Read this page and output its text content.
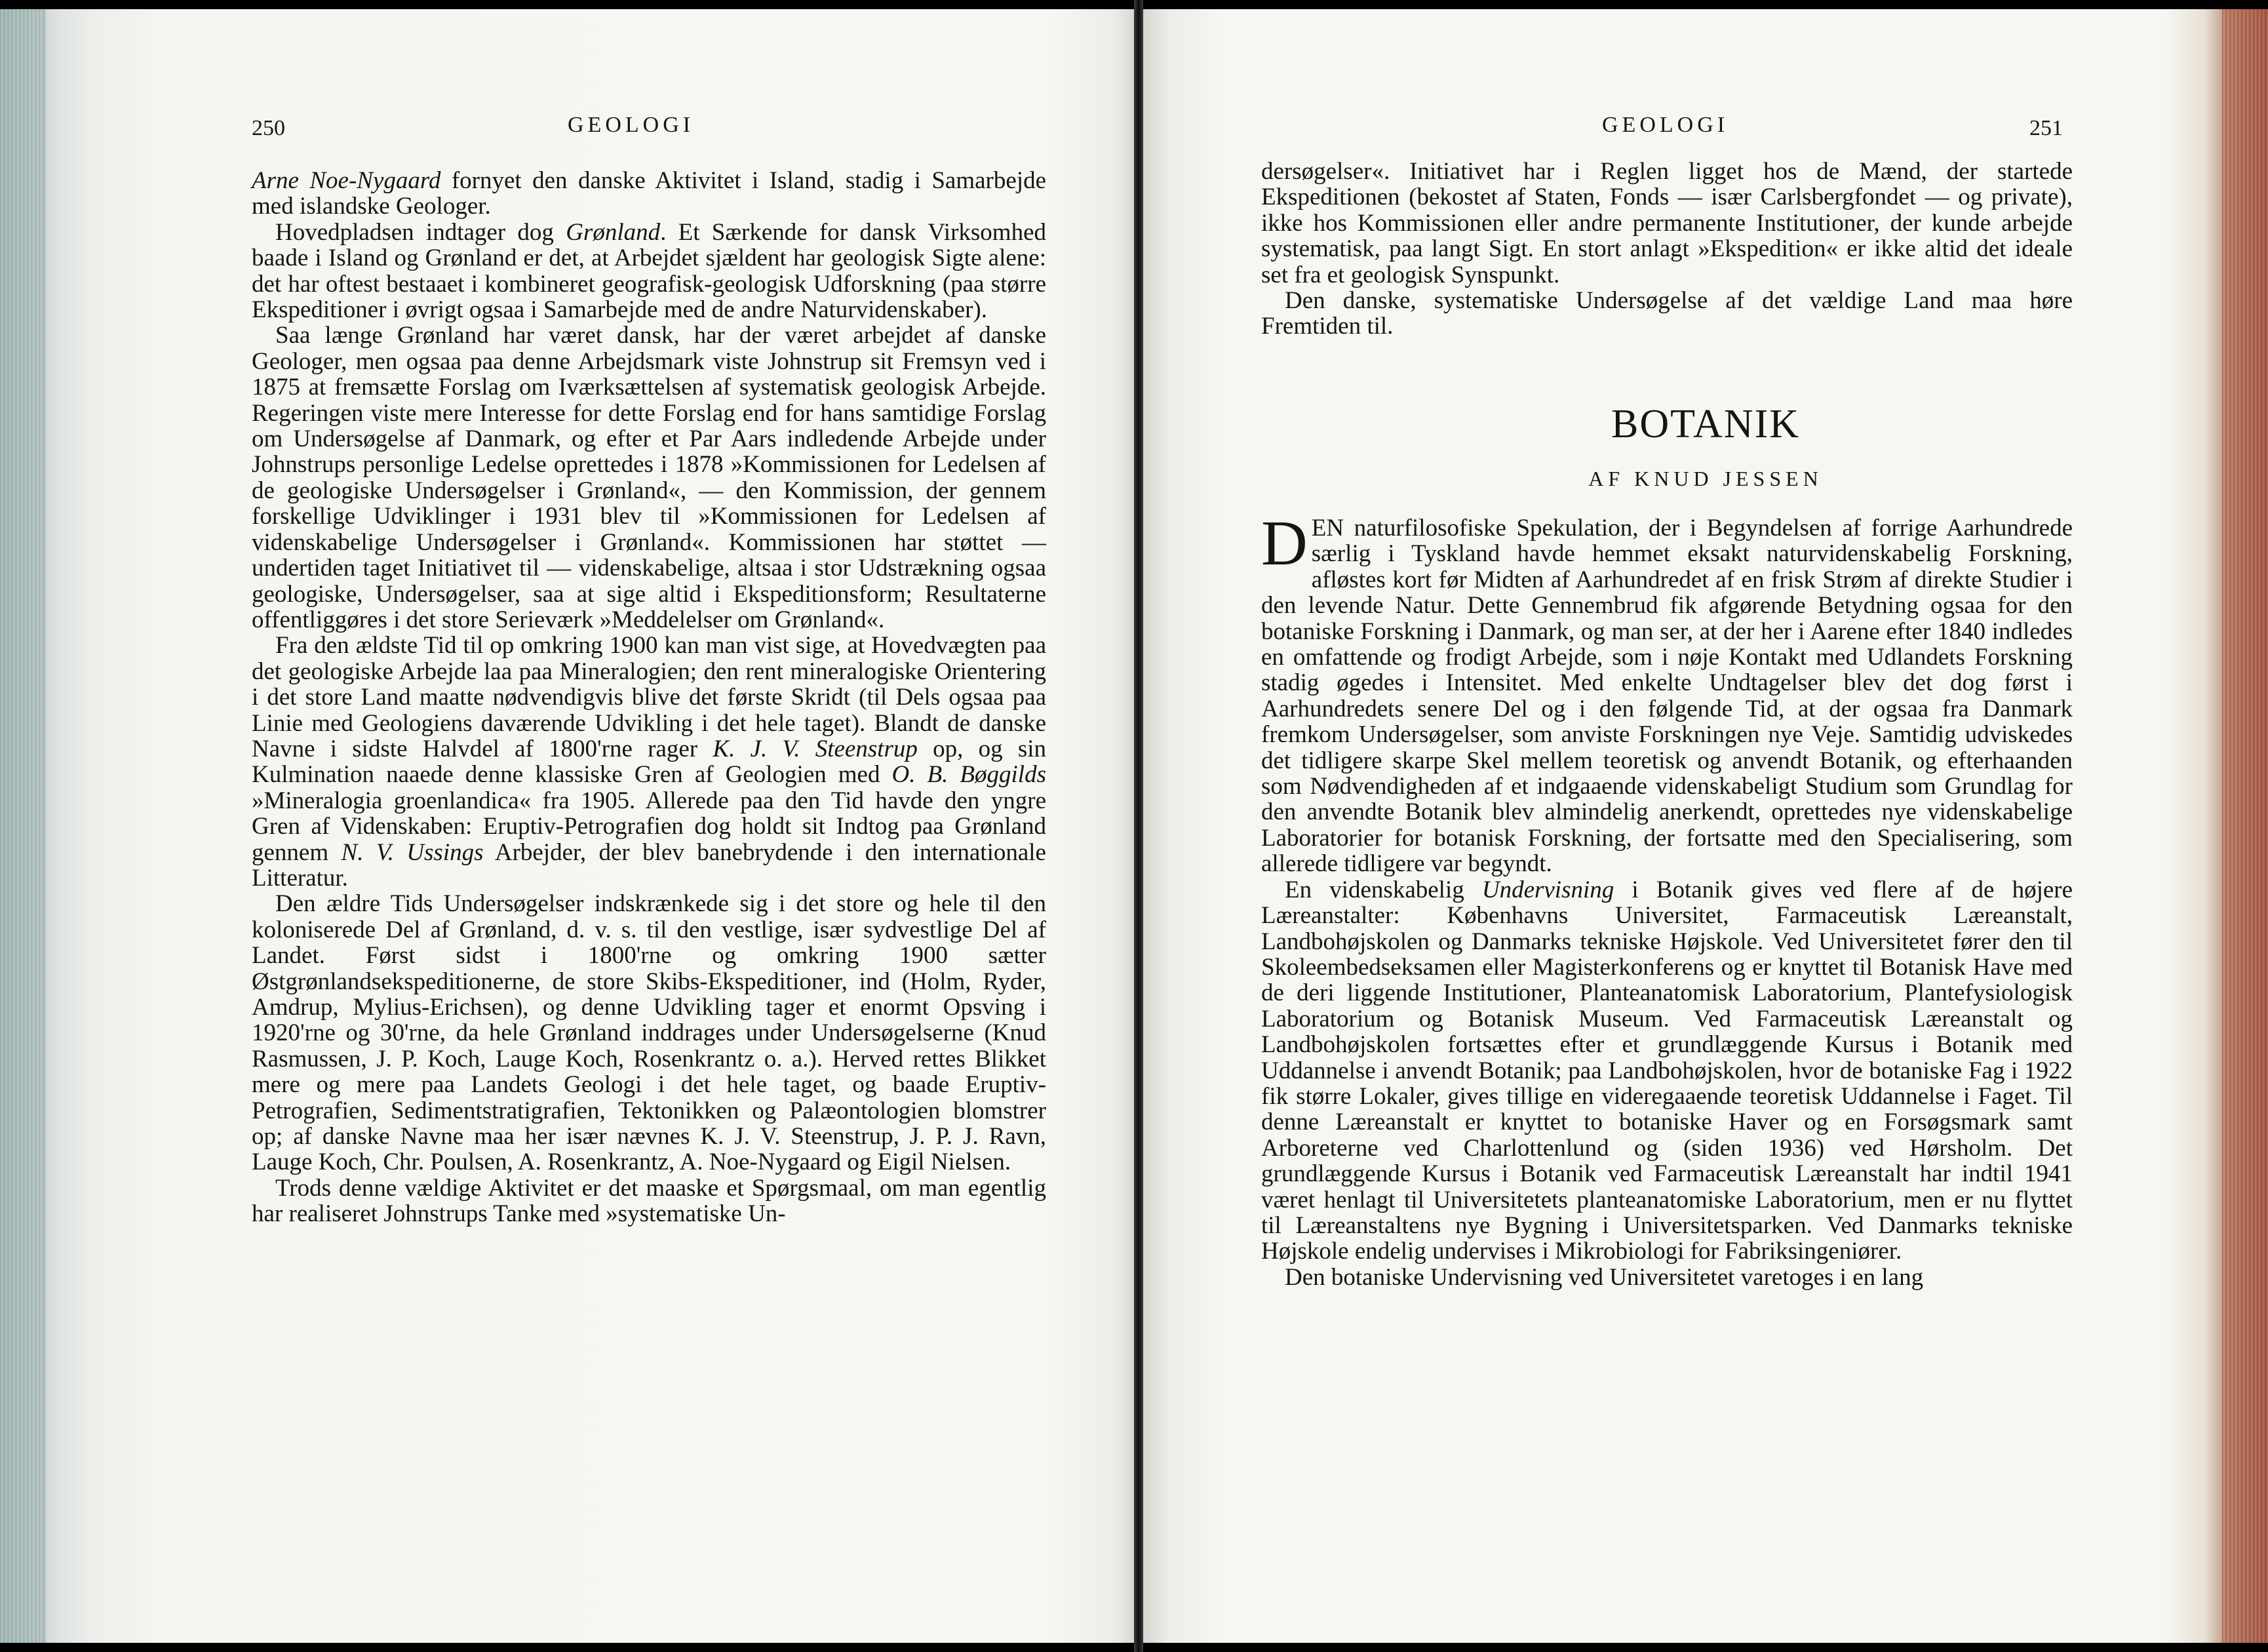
250	GEOLOGI

Arne Noe-Nygaard fornyet den danske Aktivitet i Island, stadig i Samarbejde med islandske Geologer.

Hovedpladsen indtager dog Grønland. Et Særkende for dansk Virksomhed baade i Island og Grønland er det, at Arbejdet sjældent har geologisk Sigte alene: det har oftest bestaaet i kombineret geografisk-geologisk Udforskning (paa større Ekspeditioner i øvrigt ogsaa i Samarbejde med de andre Naturvidenskaber).

Saa længe Grønland har været dansk, har der været arbejdet af danske Geologer, men ogsaa paa denne Arbejdsmark viste Johnstrup sit Fremsyn ved i 1875 at fremsætte Forslag om Iværksættelsen af systematisk geologisk Arbejde. Regeringen viste mere Interesse for dette Forslag end for hans samtidige Forslag om Undersøgelse af Danmark, og efter et Par Aars indledende Arbejde under Johnstrups personlige Ledelse oprettedes i 1878 »Kommissionen for Ledelsen af de geologiske Undersøgelser i Grønland«, — den Kommission, der gennem forskellige Udviklinger i 1931 blev til »Kommissionen for Ledelsen af videnskabelige Undersøgelser i Grønland«. Kommissionen har støttet — undertiden taget Initiativet til — videnskabelige, altsaa i stor Udstrækning ogsaa geologiske, Undersøgelser, saa at sige altid i Ekspeditionsform; Resultaterne offentliggøres i det store Serieværk »Meddelelser om Grønland«.

Fra den ældste Tid til op omkring 1900 kan man vist sige, at Hovedvægten paa det geologiske Arbejde laa paa Mineralogien; den rent mineralogiske Orientering i det store Land maatte nødvendigvis blive det første Skridt (til Dels ogsaa paa Linie med Geologiens daværende Udvikling i det hele taget). Blandt de danske Navne i sidste Halvdel af 1800'rne rager K. J. V. Steenstrup op, og sin Kulmination naaede denne klassiske Gren af Geologien med O. B. Bøggilds »Mineralogia groenlandica« fra 1905. Allerede paa den Tid havde den yngre Gren af Videnskaben: Eruptiv-Petrografien dog holdt sit Indtog paa Grønland gennem N. V. Ussings Arbejder, der blev banebrydende i den internationale Litteratur.

Den ældre Tids Undersøgelser indskrænkede sig i det store og hele til den koloniserede Del af Grønland, d. v. s. til den vestlige, især sydvestlige Del af Landet. Først sidst i 1800'rne og omkring 1900 sætter Østgrønlandsekspeditionerne, de store Skibs-Ekspeditioner, ind (Holm, Ryder, Amdrup, Mylius-Erichsen), og denne Udvikling tager et enormt Opsving i 1920'rne og 30'rne, da hele Grønland inddrages under Undersøgelserne (Knud Rasmussen, J. P. Koch, Lauge Koch, Rosenkrantz o. a.). Herved rettes Blikket mere og mere paa Landets Geologi i det hele taget, og baade Eruptiv-Petrografien, Sedimentstratigrafien, Tektonikken og Palæontologien blomstrer op; af danske Navne maa her især nævnes K. J. V. Steenstrup, J. P. J. Ravn, Lauge Koch, Chr. Poulsen, A. Rosenkrantz, A. Noe-Nygaard og Eigil Nielsen.

Trods denne vældige Aktivitet er det maaske et Spørgsmaal, om man egentlig har realiseret Johnstrups Tanke med »systematiske Un-

GEOLOGI	251

dersøgelser«. Initiativet har i Reglen ligget hos de Mænd, der startede Ekspeditionen (bekostet af Staten, Fonds — især Carlsbergfondet — og private), ikke hos Kommissionen eller andre permanente Institutioner, der kunde arbejde systematisk, paa langt Sigt. En stort anlagt »Ekspedition« er ikke altid det ideale set fra et geologisk Synspunkt.

Den danske, systematiske Undersøgelse af det vældige Land maa høre Fremtiden til.

BOTANIK
AF KNUD JESSEN

DEN naturfilosofiske Spekulation, der i Begyndelsen af forrige Aarhundrede særlig i Tyskland havde hemmet eksakt naturvidenskabelig Forskning, afløstes kort før Midten af Aarhundredet af en frisk Strøm af direkte Studier i den levende Natur. Dette Gennembrud fik afgørende Betydning ogsaa for den botaniske Forskning i Danmark, og man ser, at der her i Aarene efter 1840 indledes en omfattende og frodigt Arbejde, som i nøje Kontakt med Udlandets Forskning stadig øgedes i Intensitet. Med enkelte Undtagelser blev det dog først i Aarhundredets senere Del og i den følgende Tid, at der ogsaa fra Danmark fremkom Undersøgelser, som anviste Forskningen nye Veje. Samtidig udviskedes det tidligere skarpe Skel mellem teoretisk og anvendt Botanik, og efterhaanden som Nødvendigheden af et indgaaende videnskabeligt Studium som Grundlag for den anvendte Botanik blev almindelig anerkendt, oprettedes nye videnskabelige Laboratorier for botanisk Forskning, der fortsatte med den Specialisering, som allerede tidligere var begyndt.

En videnskabelig Undervisning i Botanik gives ved flere af de højere Læreanstalter: Københavns Universitet, Farmaceutisk Læreanstalt, Landbohøjskolen og Danmarks tekniske Højskole. Ved Universitetet fører den til Skoleembedseksamen eller Magisterkonferens og er knyttet til Botanisk Have med de deri liggende Institutioner, Planteanatomisk Laboratorium, Plantefysiologisk Laboratorium og Botanisk Museum. Ved Farmaceutisk Læreanstalt og Landbohøjskolen fortsættes efter et grundlæggende Kursus i Botanik med Uddannelse i anvendt Botanik; paa Landbohøjskolen, hvor de botaniske Fag i 1922 fik større Lokaler, gives tillige en videregaaende teoretisk Uddannelse i Faget. Til denne Læreanstalt er knyttet to botaniske Haver og en Forsøgsmark samt Arboreterne ved Charlottenlund og (siden 1936) ved Hørsholm. Det grundlæggende Kursus i Botanik ved Farmaceutisk Læreanstalt har indtil 1941 været henlagt til Universitetets planteanatomiske Laboratorium, men er nu flyttet til Læreanstaltens nye Bygning i Universitetsparken. Ved Danmarks tekniske Højskole endelig undervises i Mikrobiologi for Fabriksingeniører.

Den botaniske Undervisning ved Universitetet varetoges i en lang
